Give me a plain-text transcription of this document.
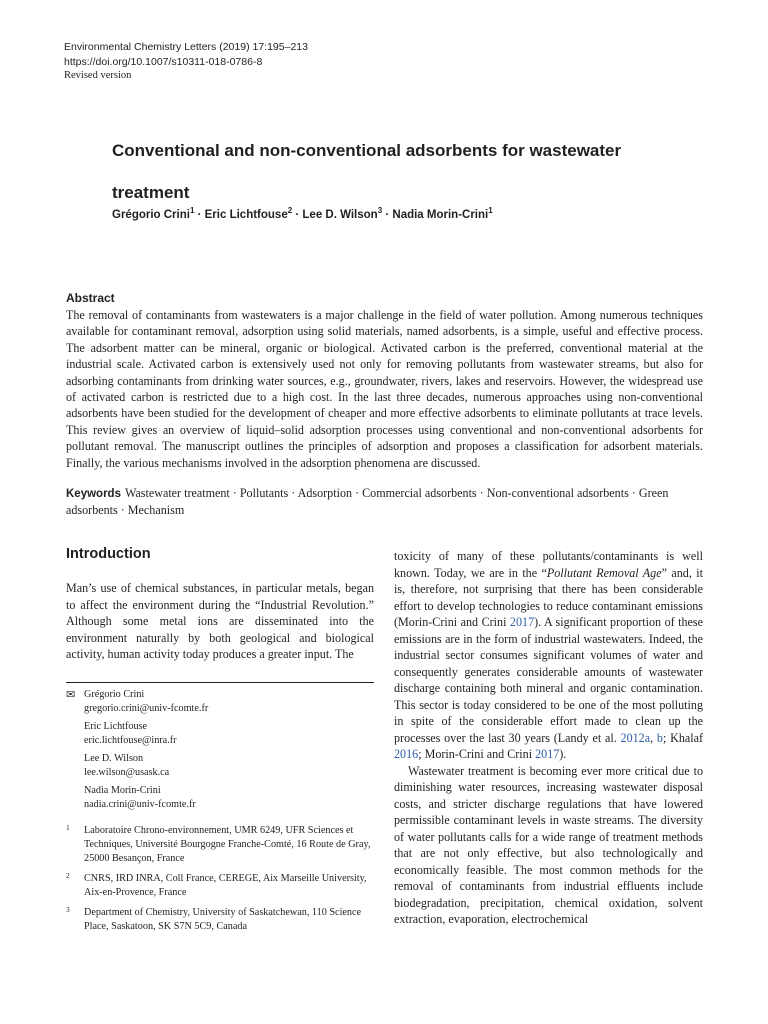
Environmental Chemistry Letters (2019) 17:195–213
https://doi.org/10.1007/s10311-018-0786-8
Revised version
Conventional and non-conventional adsorbents for wastewater treatment
Grégorio Crini$^1$ · Eric Lichtfouse$^2$ · Lee D. Wilson$^3$ · Nadia Morin-Crini$^1$
Abstract

The removal of contaminants from wastewaters is a major challenge in the field of water pollution. Among numerous techniques available for contaminant removal, adsorption using solid materials, named adsorbents, is a simple, useful and effective process. The adsorbent matter can be mineral, organic or biological. Activated carbon is the preferred, conventional material at the industrial scale. Activated carbon is extensively used not only for removing pollutants from wastewater streams, but also for adsorbing contaminants from drinking water sources, e.g., groundwater, rivers, lakes and reservoirs. However, the widespread use of activated carbon is restricted due to a high cost. In the last three decades, numerous approaches using non-conventional adsorbents have been studied for the development of cheaper and more effective adsorbents to eliminate pollutants at trace levels. This review gives an overview of liquid–solid adsorption processes using conventional and non-conventional adsorbents for pollutant removal. The manuscript outlines the principles of adsorption and proposes a classification for adsorbent materials. Finally, the various mechanisms involved in the adsorption phenomena are discussed.

Keywords Wastewater treatment · Pollutants · Adsorption · Commercial adsorbents · Non-conventional adsorbents · Green adsorbents · Mechanism

Introduction

Man’s use of chemical substances, in particular metals, began to affect the environment during the “Industrial Revolution.” Although some metal ions are disseminated into the environment naturally by both geological and biological activity, human activity today produces a greater input. The

✉ Grégorio Crini
gregorio.crini@univ-fcomte.fr
Eric Lichtfouse
eric.lichtfouse@inra.fr
Lee D. Wilson
lee.wilson@usask.ca
Nadia Morin-Crini
nadia.crini@univ-fcomte.fr
1 Laboratoire Chrono-environnement, UMR 6249, UFR Sciences et Techniques, Université Bourgogne Franche-Comté, 16 Route de Gray, 25000 Besançon, France
2 CNRS, IRD INRA, Coll France, CEREGE, Aix Marseille University, Aix-en-Provence, France
3 Department of Chemistry, University of Saskatchewan, 110 Science Place, Saskatoon, SK S7N 5C9, Canada

toxicity of many of these pollutants/contaminants is well known. Today, we are in the “Pollutant Removal Age” and, it is, therefore, not surprising that there has been considerable effort to develop technologies to reduce contaminant emissions (Morin-Crini and Crini 2017). A significant proportion of these emissions are in the form of industrial wastewaters. Indeed, the industrial sector consumes significant volumes of water and consequently generates considerable amounts of wastewater discharge containing both mineral and organic contamination. This sector is today considered to be one of the most polluting in spite of the considerable effort made to clean up the processes over the last 30 years (Landy et al. 2012a, b; Khalaf 2016; Morin-Crini and Crini 2017).

Wastewater treatment is becoming ever more critical due to diminishing water resources, increasing wastewater disposal costs, and stricter discharge regulations that have lowered permissible contaminant levels in waste streams. The diversity of water pollutants calls for a wide range of treatment methods that are not only effective, but also technologically and economically feasible. The most common methods for the removal of contaminants from industrial effluents include biodegradation, precipitation, chemical oxidation, solvent extraction, evaporation, electrochemical
